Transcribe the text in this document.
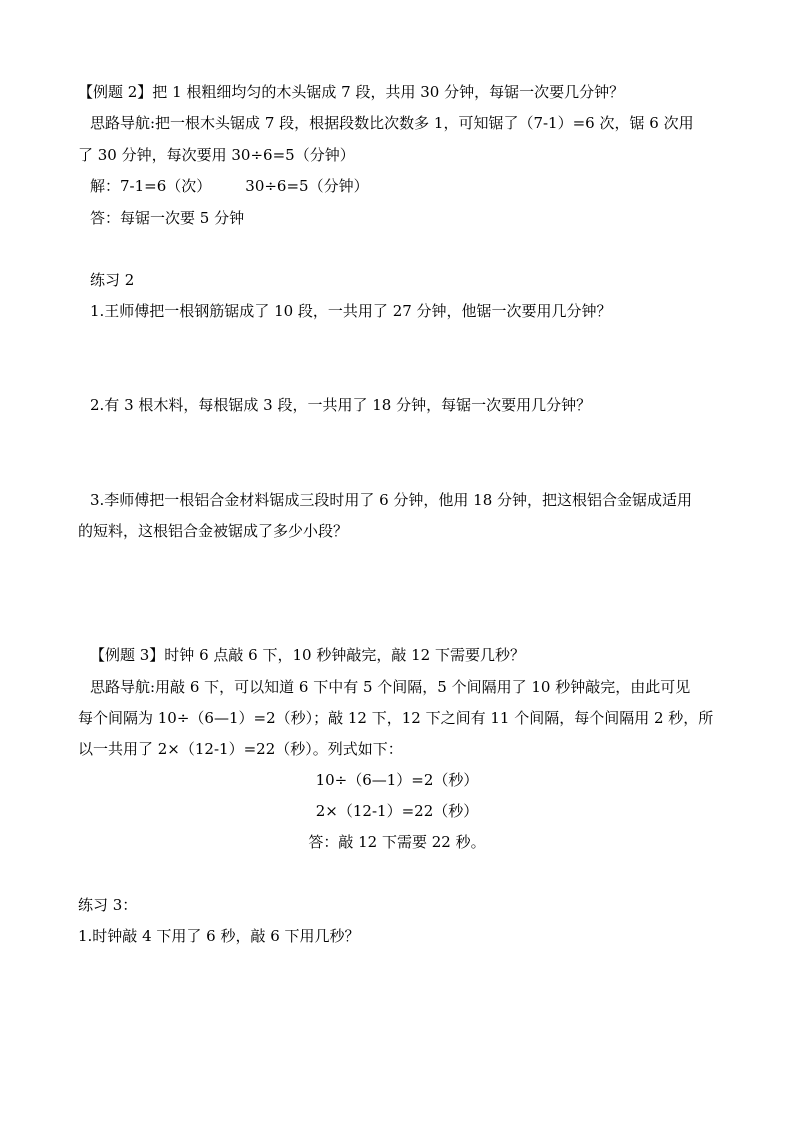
【例题 2】把 1 根粗细均匀的木头锯成 7 段，共用 30 分钟，每锯一次要几分钟？
思路导航:把一根木头锯成 7 段，根据段数比次数多 1，可知锯了（7-1）=6 次，锯 6 次用
了 30 分钟，每次要用 30÷6=5（分钟）
解：7-1=6（次） 30÷6=5（分钟）
答：每锯一次要 5 分钟
练习 2
1.王师傅把一根钢筋锯成了 10 段，一共用了 27 分钟，他锯一次要用几分钟？
2.有 3 根木料，每根锯成 3 段，一共用了 18 分钟，每锯一次要用几分钟？
3.李师傅把一根铝合金材料锯成三段时用了 6 分钟，他用 18 分钟，把这根铝合金锯成适用
的短料，这根铝合金被锯成了多少小段？
【例题 3】时钟 6 点敲 6 下，10 秒钟敲完，敲 12 下需要几秒？
思路导航:用敲 6 下，可以知道 6 下中有 5 个间隔，5 个间隔用了 10 秒钟敲完，由此可见
每个间隔为 10÷（6—1）=2（秒）；敲 12 下，12 下之间有 11 个间隔，每个间隔用 2 秒，所
以一共用了 2×（12-1）=22（秒）。列式如下：
10÷（6—1）=2（秒）
2×（12-1）=22（秒）
答：敲 12 下需要 22 秒。
练习 3：
1.时钟敲 4 下用了 6 秒，敲 6 下用几秒？
